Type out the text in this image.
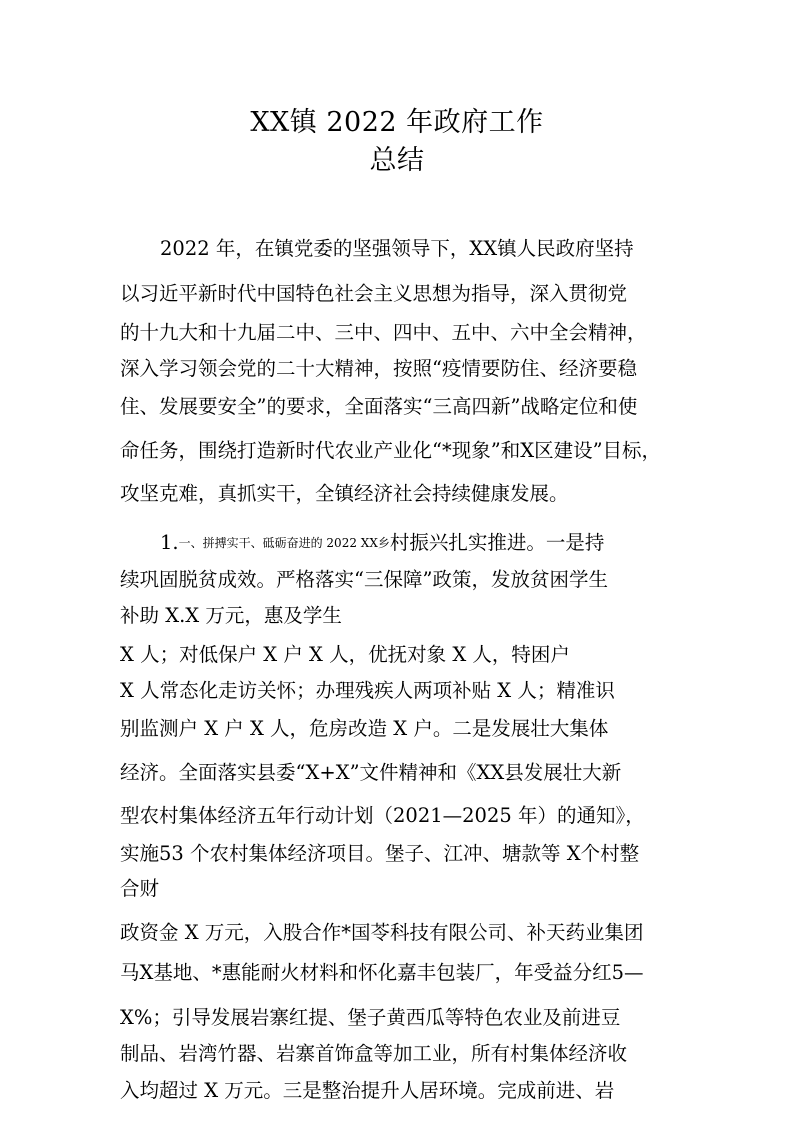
XX镇 2022 年政府工作
总结
2022 年，在镇党委的坚强领导下，XX镇人民政府坚持
以习近平新时代中国特色社会主义思想为指导，深入贯彻党
的十九大和十九届二中、三中、四中、五中、六中全会精神，
深入学习领会党的二十大精神，按照“疫情要防住、经济要稳
住、发展要安全”的要求，全面落实“三高四新”战略定位和使
命任务，围绕打造新时代农业产业化“*现象”和X区建设”目标，
攻坚克难，真抓实干，全镇经济社会持续健康发展。
1.一、拼搏实干、砥砺奋进的 2022 XX乡村振兴扎实推进。一是持
续巩固脱贫成效。严格落实“三保障”政策，发放贫困学生
补助 X.X 万元，惠及学生
X 人；对低保户 X 户 X 人，优抚对象 X 人，特困户
X 人常态化走访关怀；办理残疾人两项补贴 X 人；精准识
别监测户 X 户 X 人，危房改造 X 户。二是发展壮大集体
经济。全面落实县委“X+X”文件精神和《XX县发展壮大新
型农村集体经济五年行动计划（2021—2025 年）的通知》，
实施53 个农村集体经济项目。堡子、江冲、塘款等 X个村整
合财
政资金 X 万元，入股合作*国苓科技有限公司、补天药业集团
马X基地、*惠能耐火材料和怀化嘉丰包装厂，年受益分红5—
X%；引导发展岩寨红提、堡子黄西瓜等特色农业及前进豆
制品、岩湾竹器、岩寨首饰盒等加工业，所有村集体经济收
入均超过 X 万元。三是整治提升人居环境。完成前进、岩
